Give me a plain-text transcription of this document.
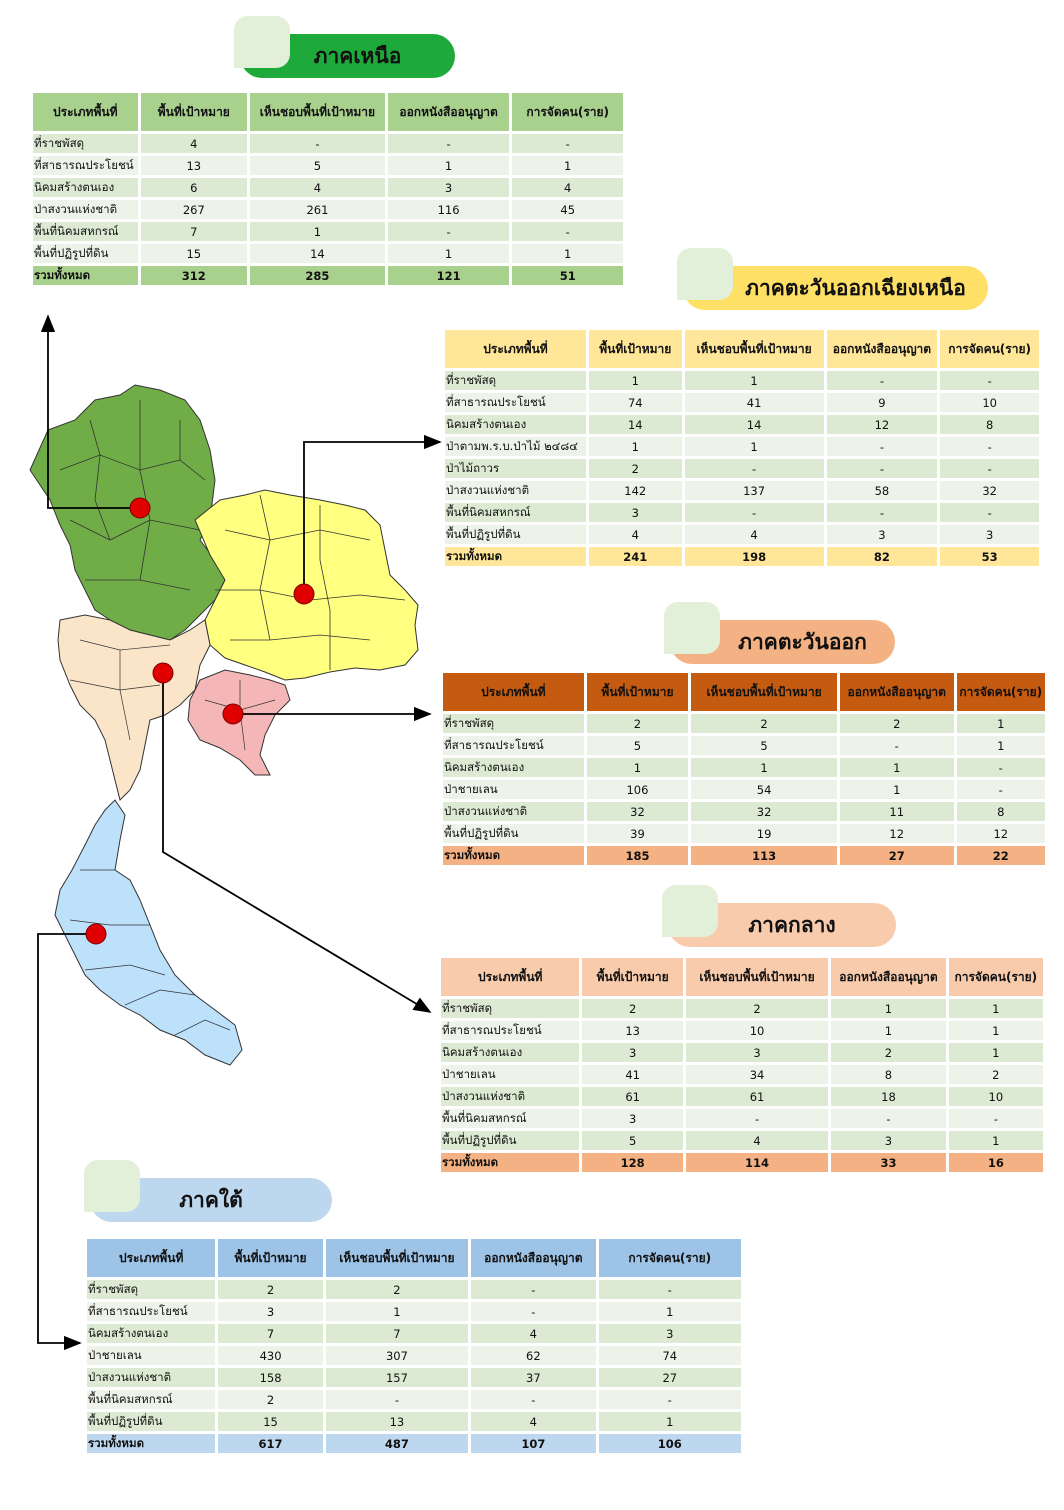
ภาคเหนือ
ภาคตะวันออกเฉียงเหนือ
ภาคตะวันออก
ภาคกลาง
ภาคใต้
ประเภทพื้นที่	พื้นที่เป้าหมาย	เห็นชอบพื้นที่เป้าหมาย	ออกหนังสืออนุญาต	การจัดคน(ราย)
ที่ราชพัสดุ	4	-	-	-
ที่สาธารณประโยชน์	13	5	1	1
นิคมสร้างตนเอง	6	4	3	4
ป่าสงวนแห่งชาติ	267	261	116	45
พื้นที่นิคมสหกรณ์	7	1	-	-
พื้นที่ปฏิรูปที่ดิน	15	14	1	1
รวมทั้งหมด	312	285	121	51
ประเภทพื้นที่	พื้นที่เป้าหมาย	เห็นชอบพื้นที่เป้าหมาย	ออกหนังสืออนุญาต	การจัดคน(ราย)
ที่ราชพัสดุ	1	1	-	-
ที่สาธารณประโยชน์	74	41	9	10
นิคมสร้างตนเอง	14	14	12	8
ป่าตามพ.ร.บ.ป่าไม้ ๒๔๘๔	1	1	-	-
ป่าไม้ถาวร	2	-	-	-
ป่าสงวนแห่งชาติ	142	137	58	32
พื้นที่นิคมสหกรณ์	3	-	-	-
พื้นที่ปฏิรูปที่ดิน	4	4	3	3
รวมทั้งหมด	241	198	82	53
ประเภทพื้นที่	พื้นที่เป้าหมาย	เห็นชอบพื้นที่เป้าหมาย	ออกหนังสืออนุญาต	การจัดคน(ราย)
ที่ราชพัสดุ	2	2	2	1
ที่สาธารณประโยชน์	5	5	-	1
นิคมสร้างตนเอง	1	1	1	-
ป่าชายเลน	106	54	1	-
ป่าสงวนแห่งชาติ	32	32	11	8
พื้นที่ปฏิรูปที่ดิน	39	19	12	12
รวมทั้งหมด	185	113	27	22
ประเภทพื้นที่	พื้นที่เป้าหมาย	เห็นชอบพื้นที่เป้าหมาย	ออกหนังสืออนุญาต	การจัดคน(ราย)
ที่ราชพัสดุ	2	2	1	1
ที่สาธารณประโยชน์	13	10	1	1
นิคมสร้างตนเอง	3	3	2	1
ป่าชายเลน	41	34	8	2
ป่าสงวนแห่งชาติ	61	61	18	10
พื้นที่นิคมสหกรณ์	3	-	-	-
พื้นที่ปฏิรูปที่ดิน	5	4	3	1
รวมทั้งหมด	128	114	33	16
ประเภทพื้นที่	พื้นที่เป้าหมาย	เห็นชอบพื้นที่เป้าหมาย	ออกหนังสืออนุญาต	การจัดคน(ราย)
ที่ราชพัสดุ	2	2	-	-
ที่สาธารณประโยชน์	3	1	-	1
นิคมสร้างตนเอง	7	7	4	3
ป่าชายเลน	430	307	62	74
ป่าสงวนแห่งชาติ	158	157	37	27
พื้นที่นิคมสหกรณ์	2	-	-	-
พื้นที่ปฏิรูปที่ดิน	15	13	4	1
รวมทั้งหมด	617	487	107	106
